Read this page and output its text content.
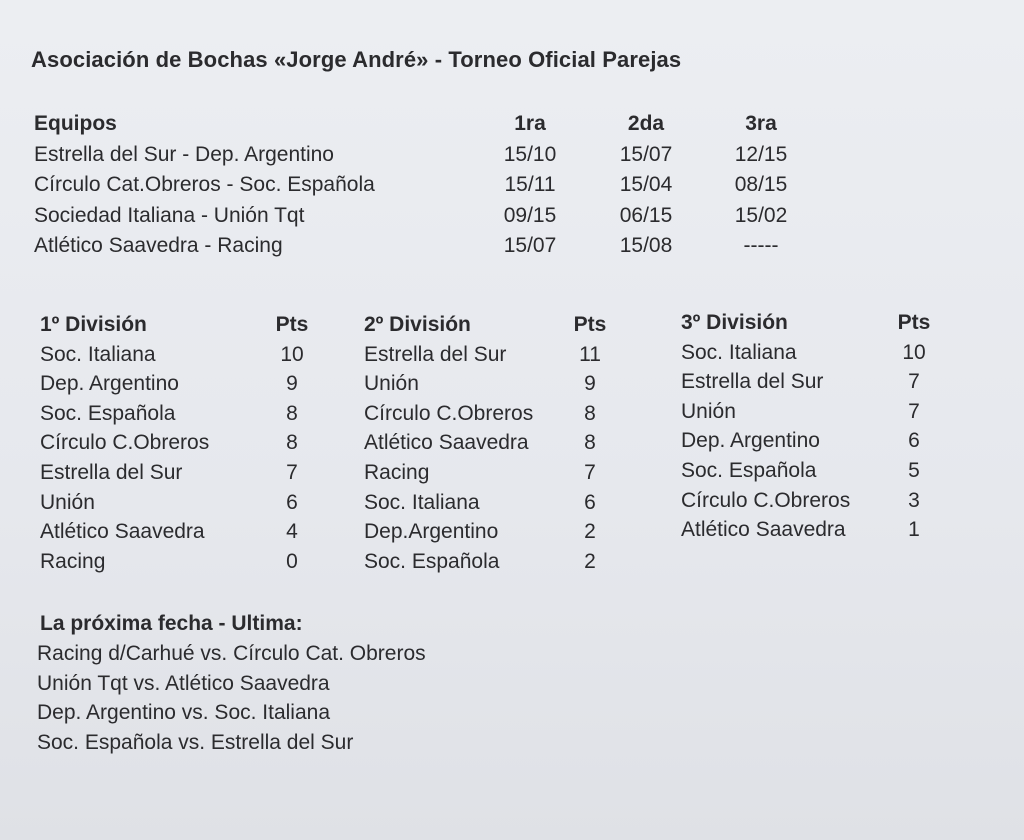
Asociación de Bochas «Jorge André» - Torneo Oficial Parejas
Equipos	1ra	2da	3ra
Estrella del Sur - Dep. Argentino	15/10	15/07	12/15
Círculo Cat.Obreros - Soc. Española	15/11	15/04	08/15
Sociedad Italiana - Unión Tqt	09/15	06/15	15/02
Atlético Saavedra - Racing	15/07	15/08	-----
1º División	Pts
Soc. Italiana	10
Dep. Argentino	9
Soc. Española	8
Círculo C.Obreros	8
Estrella del Sur	7
Unión	6
Atlético Saavedra	4
Racing	0
2º División	Pts
Estrella del Sur	11
Unión	9
Círculo C.Obreros	8
Atlético Saavedra	8
Racing	7
Soc. Italiana	6
Dep.Argentino	2
Soc. Española	2
3º División	Pts
Soc. Italiana	10
Estrella del Sur	7
Unión	7
Dep. Argentino	6
Soc. Española	5
Círculo C.Obreros	3
Atlético Saavedra	1
La próxima fecha - Ultima:
Racing d/Carhué vs. Círculo Cat. Obreros
Unión Tqt vs. Atlético Saavedra
Dep. Argentino vs. Soc. Italiana
Soc. Española vs. Estrella del Sur
